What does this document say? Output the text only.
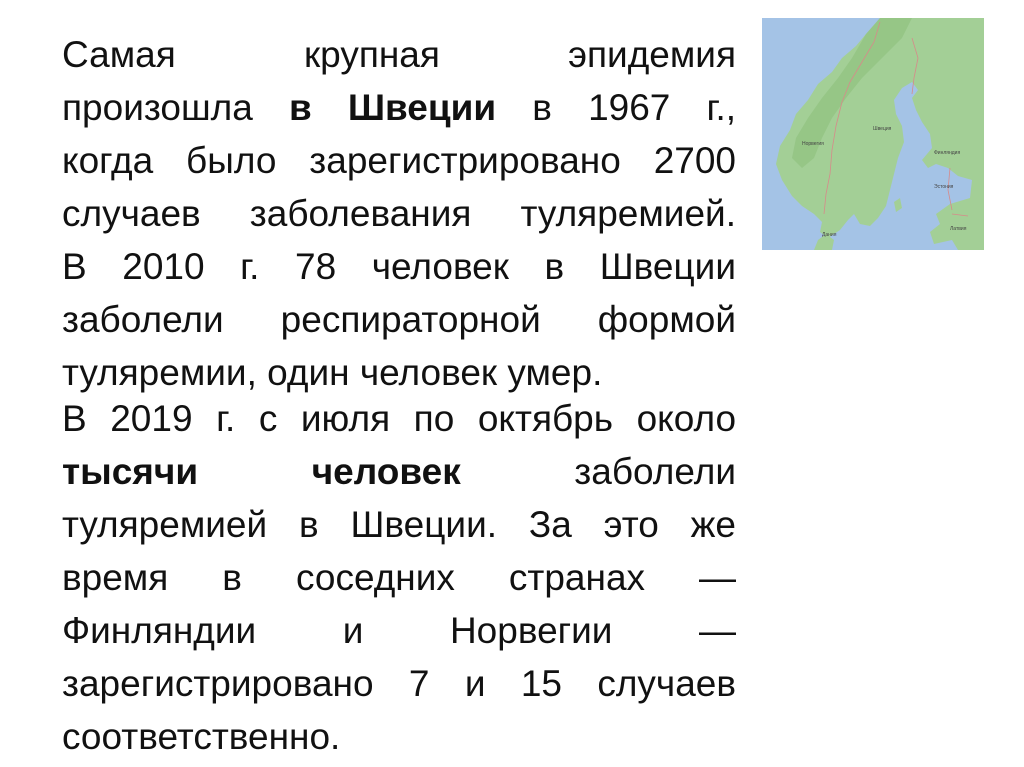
Самая	крупная	эпидемия
произошла в Швеции в 1967 г.,
когда было зарегистрировано 2700
случаев заболевания туляремией.
В 2010 г. 78 человек в Швеции
заболели респираторной формой
туляремии, один человек умер.
В 2019 г. с июля по октябрь около
тысячи человек	заболели
туляремией в Швеции. За это же
время в соседних странах —
Финляндии и Норвегии —
зарегистрировано 7 и 15 случаев
соответственно.
Швеция
Норвегия
Финляндия
Эстония
Латвия
Дания
